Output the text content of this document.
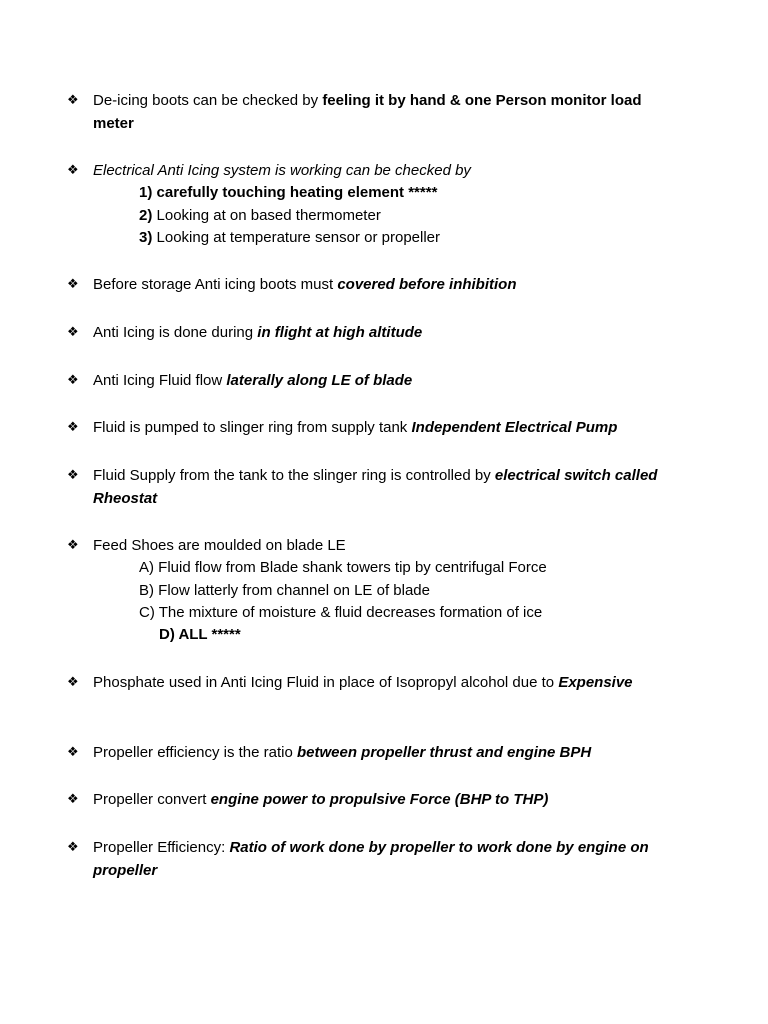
❖ De-icing boots can be checked by feeling it by hand & one Person monitor load meter
❖ Electrical Anti Icing system is working can be checked by
1) carefully touching heating element *****
2) Looking at on based thermometer
3) Looking at temperature sensor or propeller
❖ Before storage Anti icing boots must covered before inhibition
❖ Anti Icing is done during in flight at high altitude
❖ Anti Icing Fluid flow laterally along LE of blade
❖ Fluid is pumped to slinger ring from supply tank Independent Electrical Pump
❖ Fluid Supply from the tank to the slinger ring is controlled by electrical switch called Rheostat
❖ Feed Shoes are moulded on blade LE
A) Fluid flow from Blade shank towers tip by centrifugal Force
B) Flow latterly from channel on LE of blade
C) The mixture of moisture & fluid decreases formation of ice
D) ALL *****
❖ Phosphate used in Anti Icing Fluid in place of Isopropyl alcohol due to Expensive
❖ Propeller efficiency is the ratio between propeller thrust and engine BPH
❖ Propeller convert engine power to propulsive Force (BHP to THP)
❖ Propeller Efficiency: Ratio of work done by propeller to work done by engine on propeller
